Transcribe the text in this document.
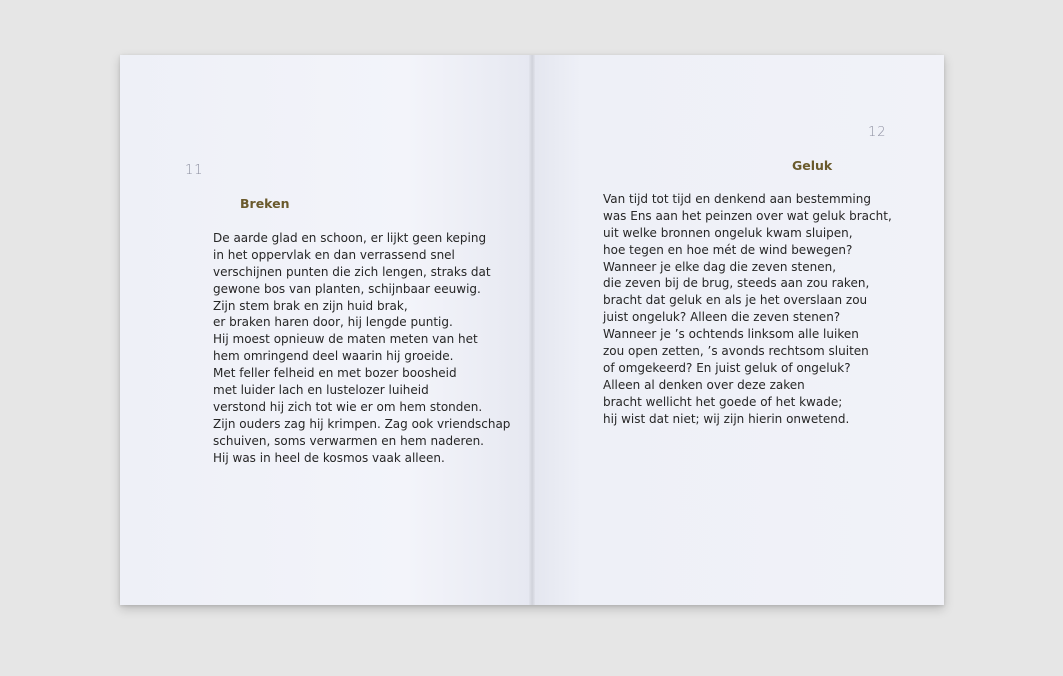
11
Breken
De aarde glad en schoon, er lijkt geen keping
in het oppervlak en dan verrassend snel
verschijnen punten die zich lengen, straks dat
gewone bos van planten, schijnbaar eeuwig.
Zijn stem brak en zijn huid brak,
er braken haren door, hij lengde puntig.
Hij moest opnieuw de maten meten van het
hem omringend deel waarin hij groeide.
Met feller felheid en met bozer boosheid
met luider lach en lustelozer luiheid
verstond hij zich tot wie er om hem stonden.
Zijn ouders zag hij krimpen. Zag ook vriendschap
schuiven, soms verwarmen en hem naderen.
Hij was in heel de kosmos vaak alleen.
12
Geluk
Van tijd tot tijd en denkend aan bestemming
was Ens aan het peinzen over wat geluk bracht,
uit welke bronnen ongeluk kwam sluipen,
hoe tegen en hoe mét de wind bewegen?
Wanneer je elke dag die zeven stenen,
die zeven bij de brug, steeds aan zou raken,
bracht dat geluk en als je het overslaan zou
juist ongeluk? Alleen die zeven stenen?
Wanneer je ’s ochtends linksom alle luiken
zou open zetten, ’s avonds rechtsom sluiten
of omgekeerd? En juist geluk of ongeluk?
Alleen al denken over deze zaken
bracht wellicht het goede of het kwade;
hij wist dat niet; wij zijn hierin onwetend.
